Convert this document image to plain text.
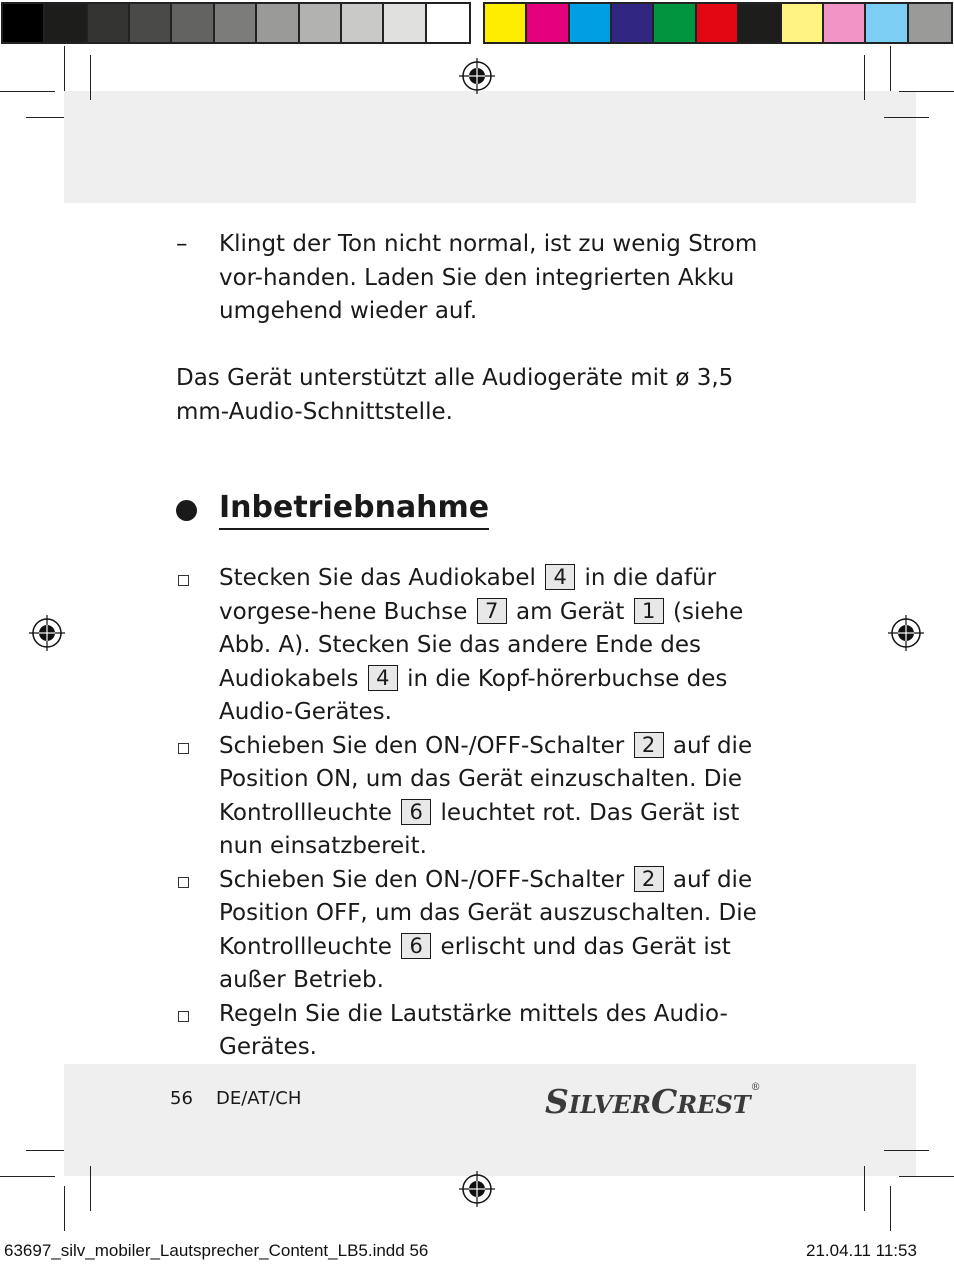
– Klingt der Ton nicht normal, ist zu wenig Strom vor-handen. Laden Sie den integrierten Akku umgehend wieder auf.
Das Gerät unterstützt alle Audiogeräte mit ø 3,5 mm-Audio-Schnittstelle.
Inbetriebnahme
Stecken Sie das Audiokabel 4 in die dafür vorgese-hene Buchse 7 am Gerät 1 (siehe Abb. A). Stecken Sie das andere Ende des Audiokabels 4 in die Kopf-hörerbuchse des Audio-Gerätes.
Schieben Sie den ON-/OFF-Schalter 2 auf die Position ON, um das Gerät einzuschalten. Die Kontrollleuchte 6 leuchtet rot. Das Gerät ist nun einsatzbereit.
Schieben Sie den ON-/OFF-Schalter 2 auf die Position OFF, um das Gerät auszuschalten. Die Kontrollleuchte 6 erlischt und das Gerät ist außer Betrieb.
Regeln Sie die Lautstärke mittels des Audio-Gerätes.
56 DE/AT/CH	SILVERCREST®
63697_silv_mobiler_Lautsprecher_Content_LB5.indd 56	21.04.11 11:53
